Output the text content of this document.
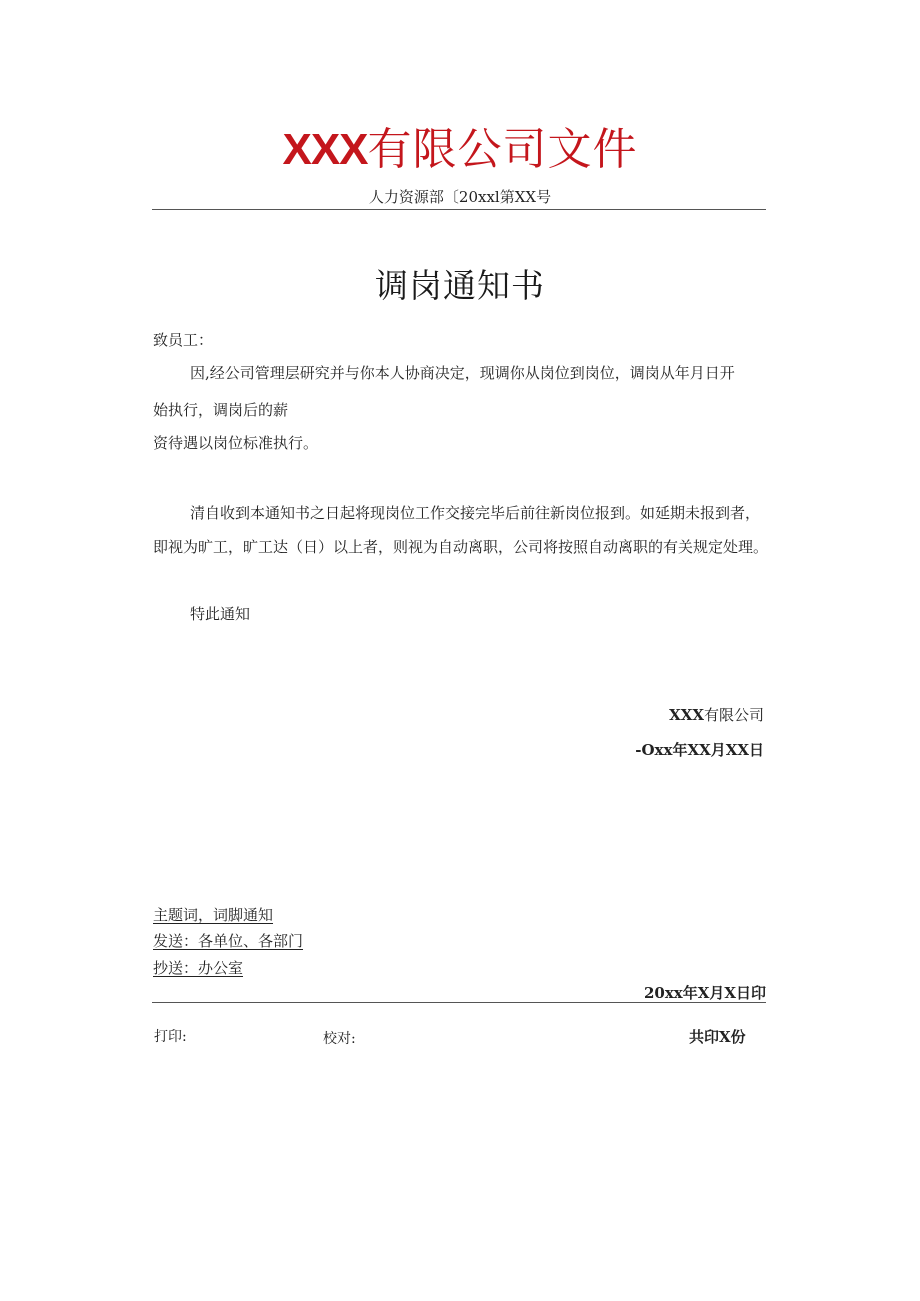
XXX有限公司文件
人力资源部〔20xxl第XX号
调岗通知书
致员工：
因,经公司管理层研究并与你本人协商决定，现调你从岗位到岗位，调岗从年月日开
始执行，调岗后的薪
资待遇以岗位标准执行。
清自收到本通知书之日起将现岗位工作交接完毕后前往新岗位报到。如延期未报到者，
即视为旷工，旷工达（日）以上者，则视为自动离职，公司将按照自动离职的有关规定处理。
特此通知
XXX有限公司
-Oxx年XX月XX日
主题词，词脚通知
发送：各单位、各部门
抄送：办公室
20xx年X月X日印
打印:	校对:	共印X份
